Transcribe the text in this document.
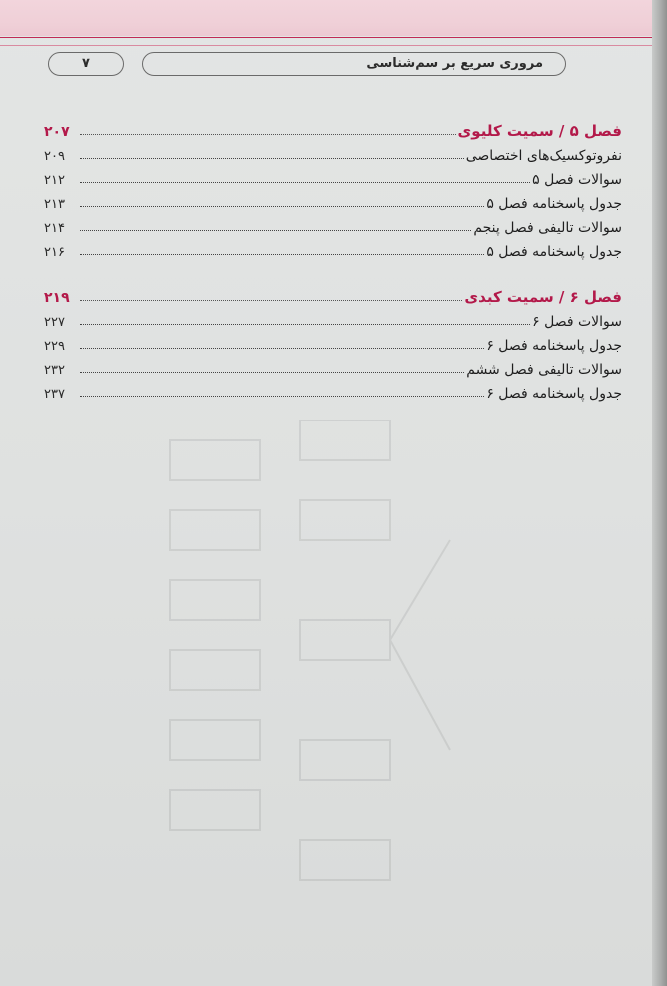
مروری سریع بر سم‌شناسی
۷
فصل ۵ / سمیت کلیوی
۲۰۷
نفروتوکسیک‌های اختصاصی
۲۰۹
سوالات فصل ۵
۲۱۲
جدول پاسخنامه فصل ۵
۲۱۳
سوالات تالیفی فصل پنجم
۲۱۴
جدول پاسخنامه فصل ۵
۲۱۶
فصل ۶ / سمیت کبدی
۲۱۹
سوالات فصل ۶
۲۲۷
جدول پاسخنامه فصل ۶
۲۲۹
سوالات تالیفی فصل ششم
۲۳۲
جدول پاسخنامه فصل ۶
۲۳۷
